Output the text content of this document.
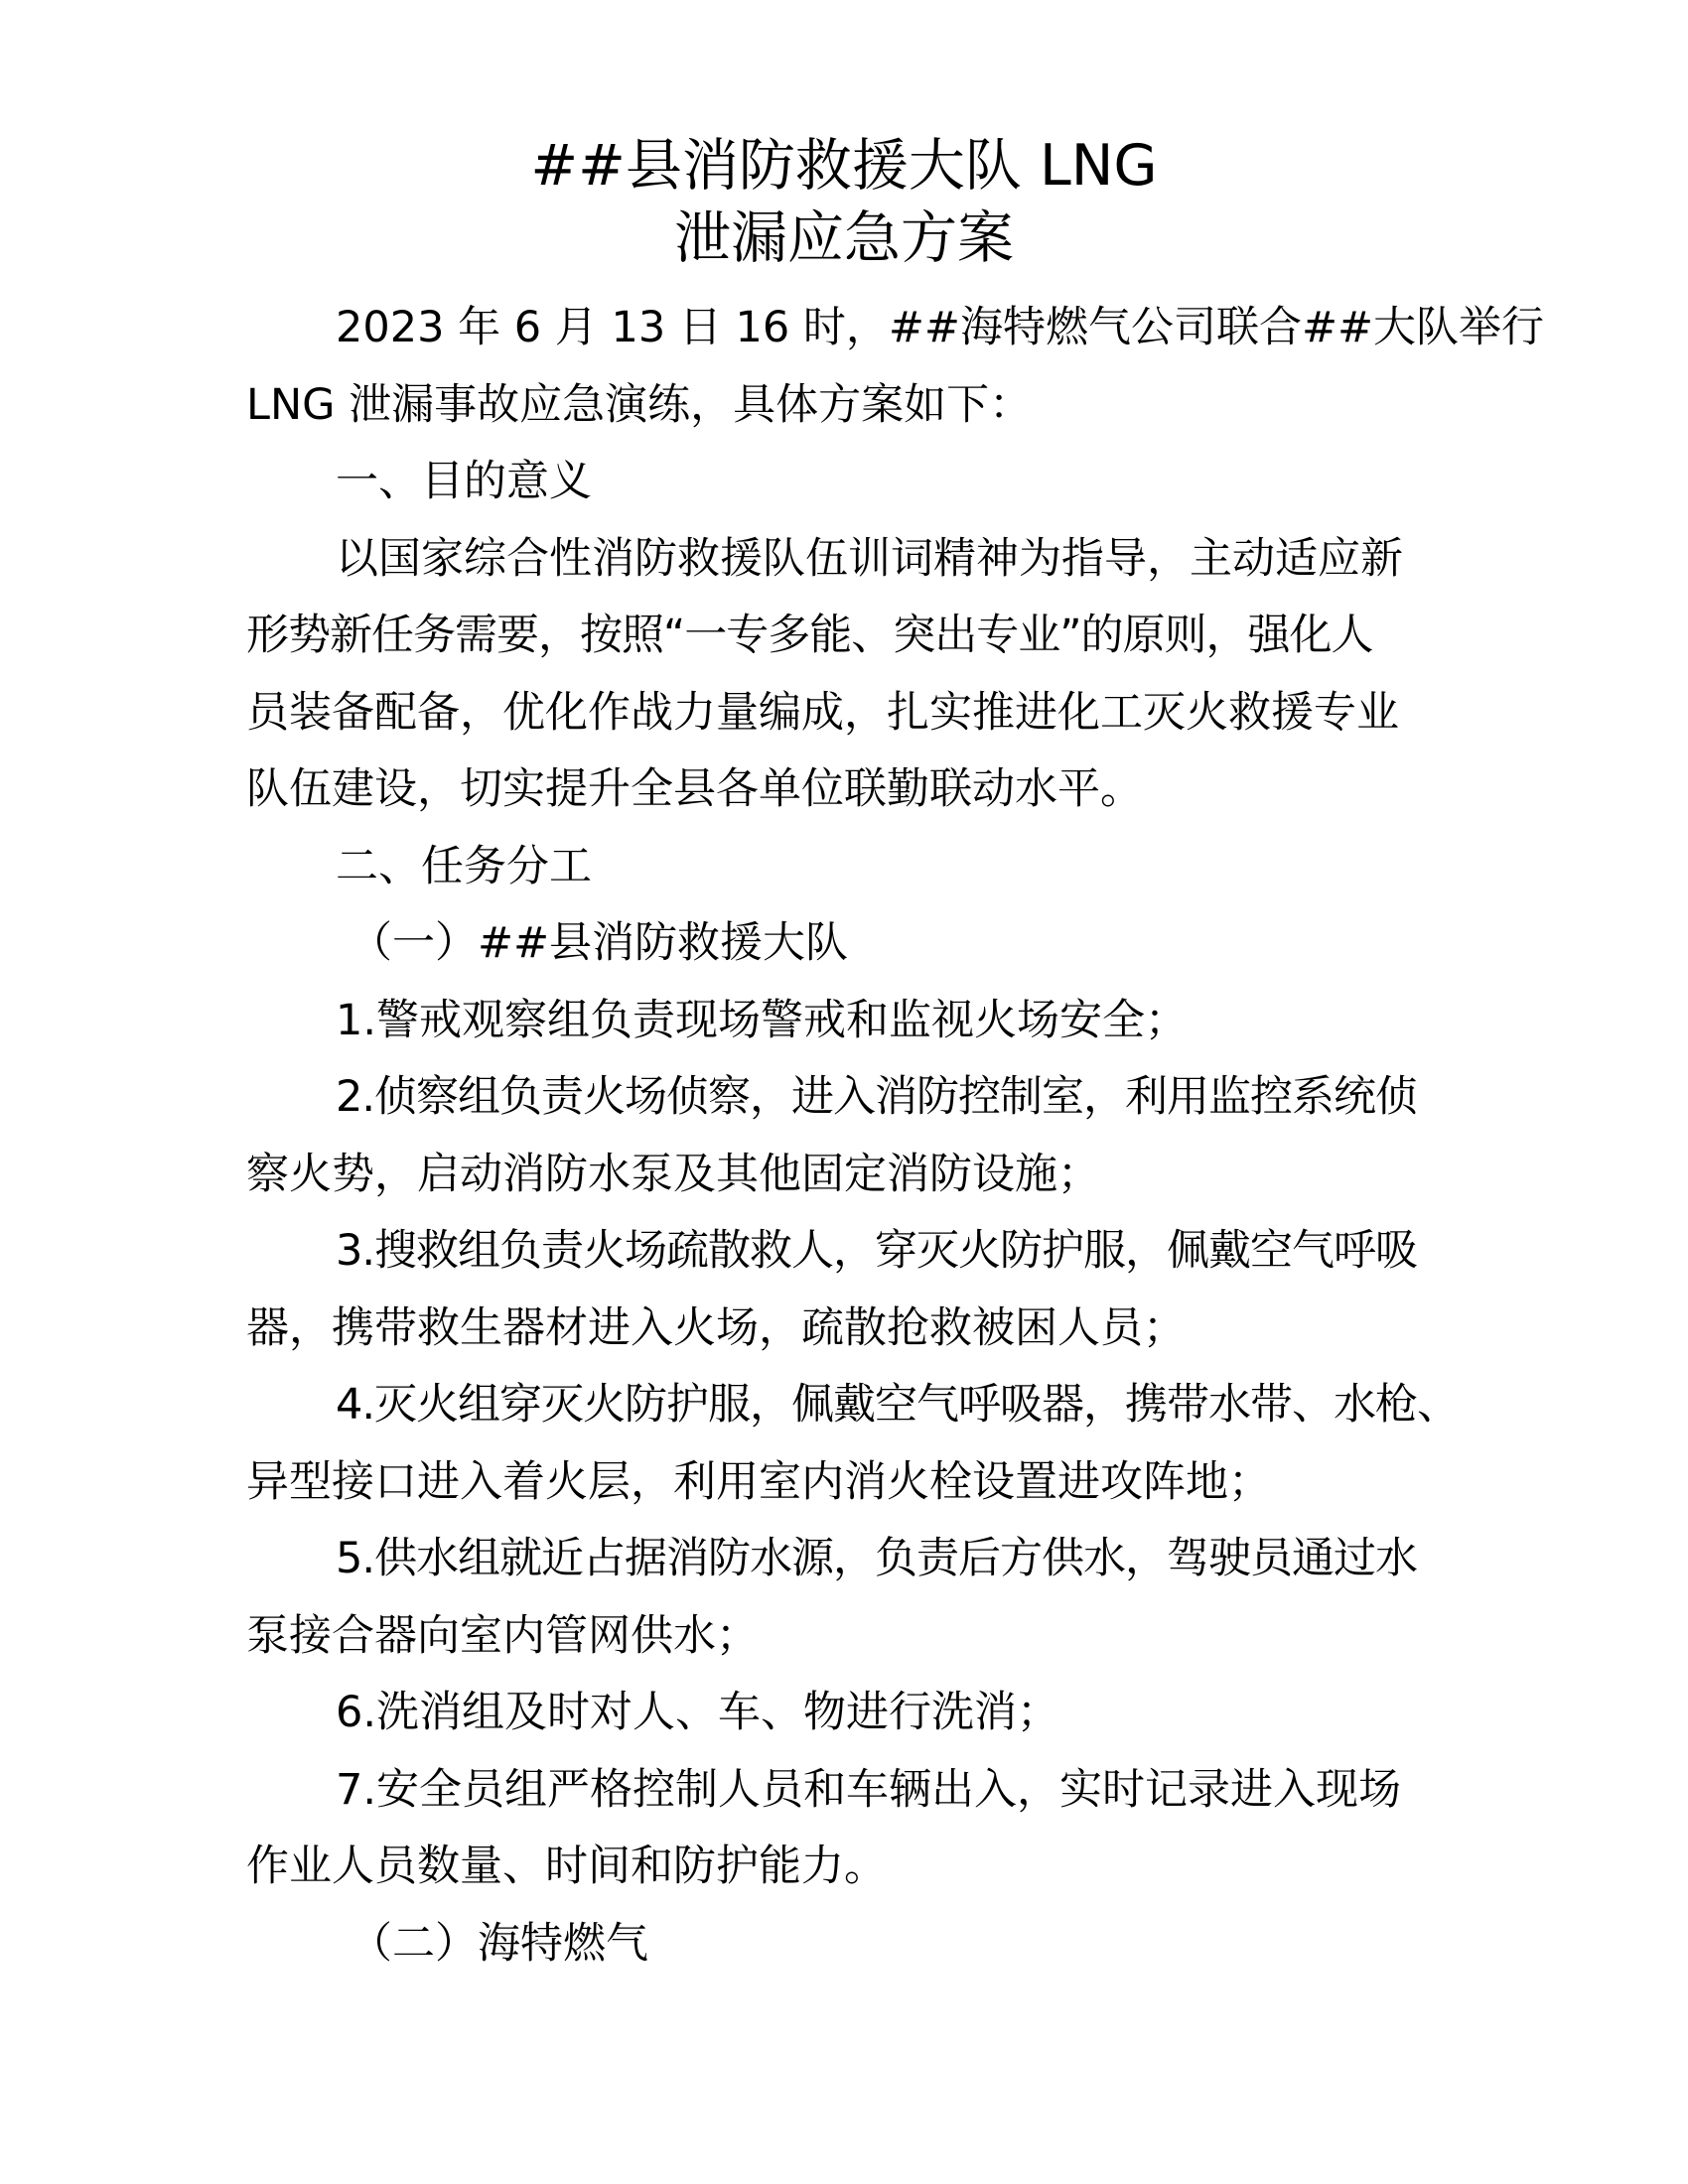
##县消防救援大队 LNG
泄漏应急方案
2023 年 6 月 13 日 16 时，##海特燃气公司联合##大队举行
LNG 泄漏事故应急演练，具体方案如下：
一、目的意义
以国家综合性消防救援队伍训词精神为指导，主动适应新
形势新任务需要，按照“一专多能、突出专业”的原则，强化人
员装备配备，优化作战力量编成，扎实推进化工灭火救援专业
队伍建设，切实提升全县各单位联勤联动水平。
二、任务分工
（一）##县消防救援大队
1.警戒观察组负责现场警戒和监视火场安全；
2.侦察组负责火场侦察，进入消防控制室，利用监控系统侦
察火势，启动消防水泵及其他固定消防设施；
3.搜救组负责火场疏散救人，穿灭火防护服，佩戴空气呼吸
器，携带救生器材进入火场，疏散抢救被困人员；
4.灭火组穿灭火防护服，佩戴空气呼吸器，携带水带、水枪、
异型接口进入着火层，利用室内消火栓设置进攻阵地；
5.供水组就近占据消防水源，负责后方供水，驾驶员通过水
泵接合器向室内管网供水；
6.洗消组及时对人、车、物进行洗消；
7.安全员组严格控制人员和车辆出入，实时记录进入现场
作业人员数量、时间和防护能力。
（二）海特燃气
